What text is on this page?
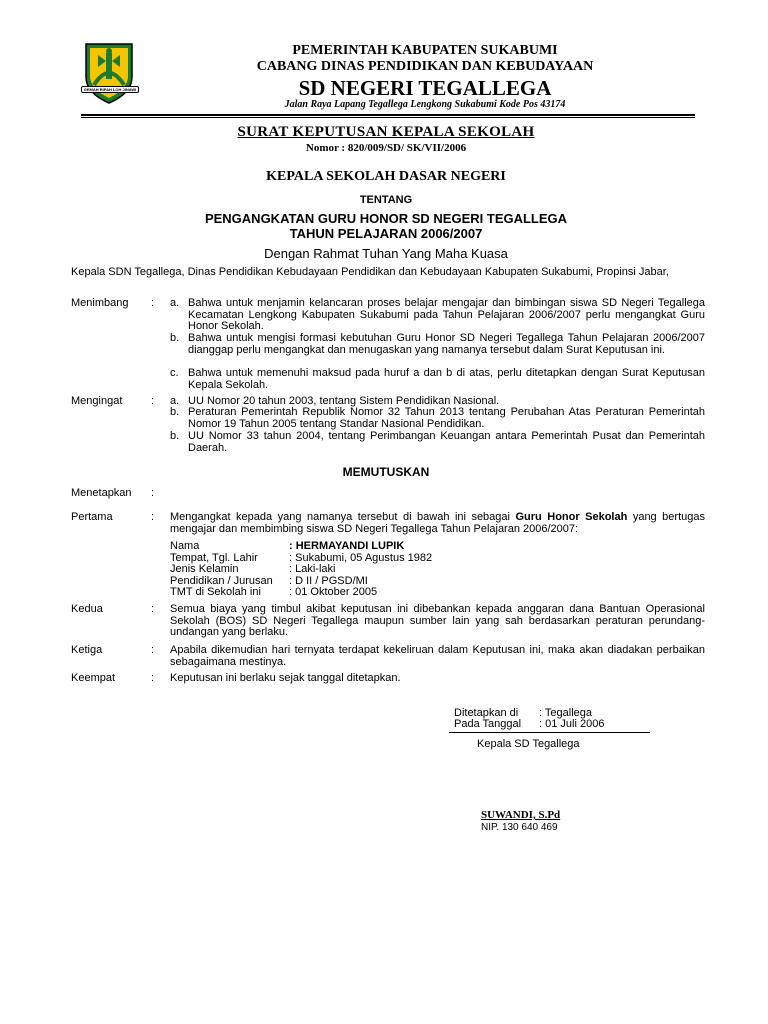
GEMAH RIPAH LOH JINAWI
PEMERINTAH KABUPATEN SUKABUMI
CABANG DINAS PENDIDIKAN DAN KEBUDAYAAN
SD NEGERI TEGALLEGA
Jalan Raya Lapang Tegallega Lengkong Sukabumi Kode Pos 43174
SURAT KEPUTUSAN KEPALA SEKOLAH
Nomor : 820/009/SD/ SK/VII/2006
KEPALA SEKOLAH DASAR NEGERI
TENTANG
PENGANGKATAN GURU HONOR SD NEGERI TEGALLEGA
TAHUN PELAJARAN 2006/2007
Dengan Rahmat Tuhan Yang Maha Kuasa
Kepala SDN Tegallega, Dinas Pendidikan Kebudayaan Pendidikan dan Kebudayaan Kabupaten Sukabumi, Propinsi Jabar,
Menimbang : a. Bahwa untuk menjamin kelancaran proses belajar mengajar dan bimbingan siswa SD Negeri Tegallega Kecamatan Lengkong Kabupaten Sukabumi pada Tahun Pelajaran 2006/2007 perlu mengangkat Guru Honor Sekolah.
b. Bahwa untuk mengisi formasi kebutuhan Guru Honor SD Negeri Tegallega Tahun Pelajaran 2006/2007 dianggap perlu mengangkat dan menugaskan yang namanya tersebut dalam Surat Keputusan ini.
c. Bahwa untuk memenuhi maksud pada huruf a dan b di atas, perlu ditetapkan dengan Surat Keputusan Kepala Sekolah.
Mengingat	: a. UU Nomor 20 tahun 2003, tentang Sistem Pendidikan Nasional.
b. Peraturan Pemerintah Republik Nomor 32 Tahun 2013 tentang Perubahan Atas Peraturan Pemerintah Nomor 19 Tahun 2005 tentang Standar Nasional Pendidikan.
b. UU Nomor 33 tahun 2004, tentang Perimbangan Keuangan antara Pemerintah Pusat dan Pemerintah Daerah.
MEMUTUSKAN
Menetapkan :
Pertama	: Mengangkat kepada yang namanya tersebut di bawah ini sebagai Guru Honor Sekolah yang bertugas mengajar dan membimbing siswa SD Negeri Tegallega Tahun Pelajaran 2006/2007:
Nama	: HERMAYANDI LUPIK
Tempat, Tgl. Lahir	: Sukabumi, 05 Agustus 1982
Jenis Kelamin	: Laki-laki
Pendidikan / Jurusan : D II / PGSD/MI
TMT di Sekolah ini	: 01 Oktober 2005
Kedua	: Semua biaya yang timbul akibat keputusan ini dibebankan kepada anggaran dana Bantuan Operasional Sekolah (BOS) SD Negeri Tegallega maupun sumber lain yang sah berdasarkan peraturan perundang-undangan yang berlaku.
Ketiga	: Apabila dikemudian hari ternyata terdapat kekeliruan dalam Keputusan ini, maka akan diadakan perbaikan sebagaimana mestinya.
Keempat	: Keputusan ini berlaku sejak tanggal ditetapkan.
Ditetapkan di : Tegallega
Pada Tanggal : 01 Juli 2006
Kepala SD Tegallega
SUWANDI, S.Pd
NIP. 130 640 469
